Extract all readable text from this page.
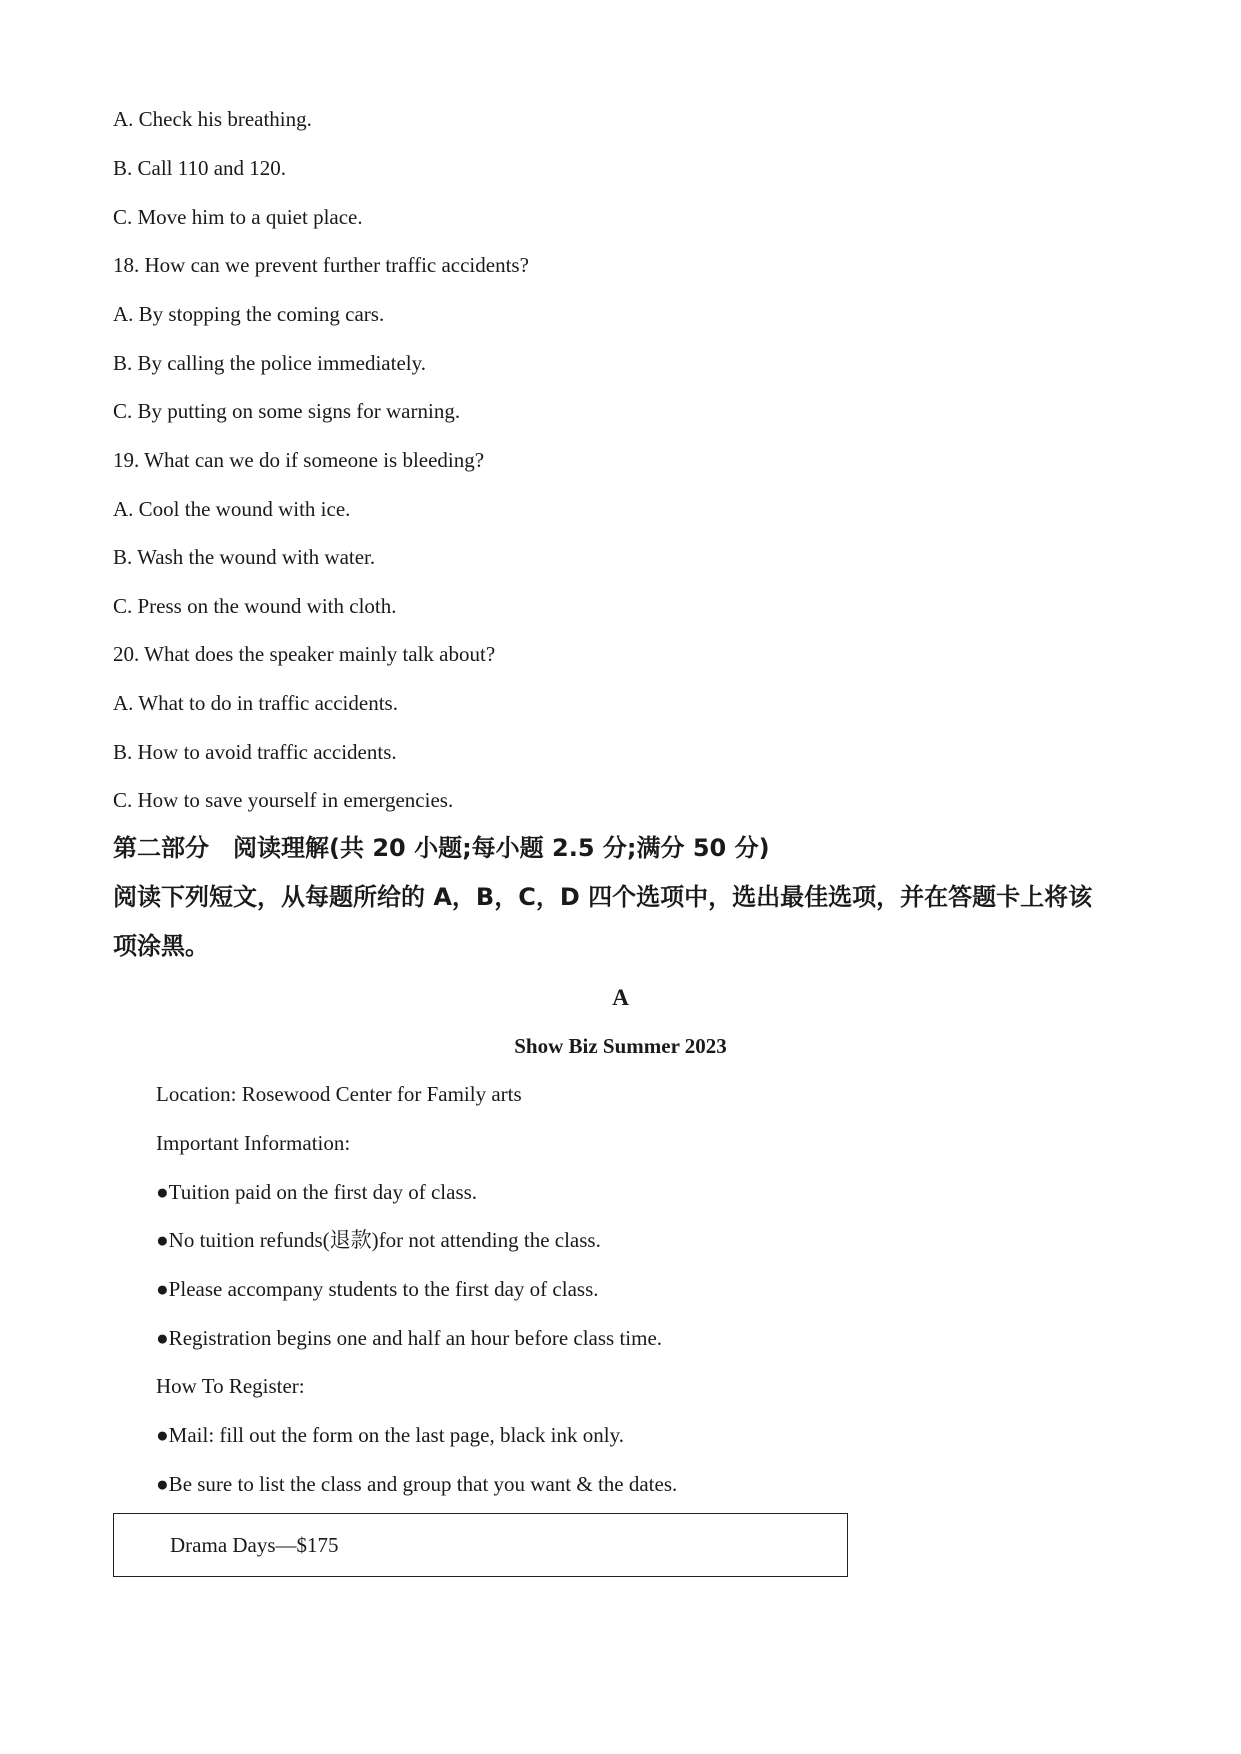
A. Check his breathing.
B. Call 110 and 120.
C. Move him to a quiet place.
18. How can we prevent further traffic accidents?
A. By stopping the coming cars.
B. By calling the police immediately.
C. By putting on some signs for warning.
19. What can we do if someone is bleeding?
A. Cool the wound with ice.
B. Wash the wound with water.
C. Press on the wound with cloth.
20. What does the speaker mainly talk about?
A. What to do in traffic accidents.
B. How to avoid traffic accidents.
C. How to save yourself in emergencies.
第二部分　阅读理解(共 20 小题;每小题 2.5 分;满分 50 分)
阅读下列短文，从每题所给的 A，B，C，D 四个选项中，选出最佳选项，并在答题卡上将该
项涂黑。
A
Show Biz Summer 2023
Location: Rosewood Center for Family arts
Important Information:
●Tuition paid on the first day of class.
●No tuition refunds(退款)for not attending the class.
●Please accompany students to the first day of class.
●Registration begins one and half an hour before class time.
How To Register:
●Mail: fill out the form on the last page, black ink only.
●Be sure to list the class and group that you want & the dates.
Drama Days—$175
